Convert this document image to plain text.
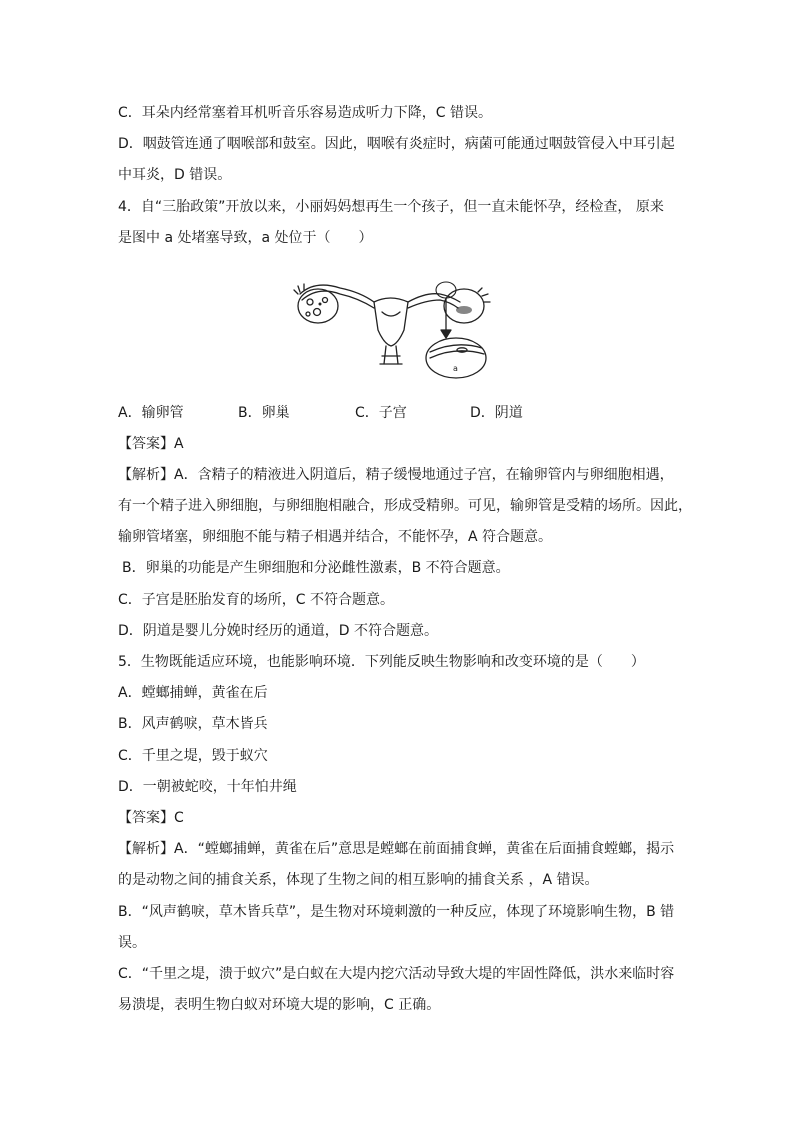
C．耳朵内经常塞着耳机听音乐容易造成听力下降，C 错误。
D．咽鼓管连通了咽喉部和鼓室。因此，咽喉有炎症时，病菌可能通过咽鼓管侵入中耳引起
中耳炎，D 错误。
4．自“三胎政策”开放以来，小丽妈妈想再生一个孩子，但一直未能怀孕，经检查， 原来
是图中 a 处堵塞导致，a 处位于（　　）
a
A．输卵管	B．卵巢	C．子宫	D．阴道
【答案】A
【解析】A．含精子的精液进入阴道后，精子缓慢地通过子宫，在输卵管内与卵细胞相遇，
有一个精子进入卵细胞，与卵细胞相融合，形成受精卵。可见，输卵管是受精的场所。因此，
输卵管堵塞，卵细胞不能与精子相遇并结合，不能怀孕，A 符合题意。
B．卵巢的功能是产生卵细胞和分泌雌性激素，B 不符合题意。
C．子宫是胚胎发育的场所，C 不符合题意。
D．阴道是婴儿分娩时经历的通道，D 不符合题意。
5．生物既能适应环境，也能影响环境．下列能反映生物影响和改变环境的是（　　）
A．螳螂捕蝉，黄雀在后
B．风声鹤唳，草木皆兵
C．千里之堤，毁于蚁穴
D．一朝被蛇咬，十年怕井绳
【答案】C
【解析】A．“螳螂捕蝉，黄雀在后”意思是螳螂在前面捕食蝉，黄雀在后面捕食螳螂，揭示
的是动物之间的捕食关系，体现了生物之间的相互影响的捕食关系 ，A 错误。
B．“风声鹤唳，草木皆兵草”，是生物对环境刺激的一种反应，体现了环境影响生物，B 错
误。
C．“千里之堤，溃于蚁穴”是白蚁在大堤内挖穴活动导致大堤的牢固性降低，洪水来临时容
易溃堤，表明生物白蚁对环境大堤的影响，C 正确。
